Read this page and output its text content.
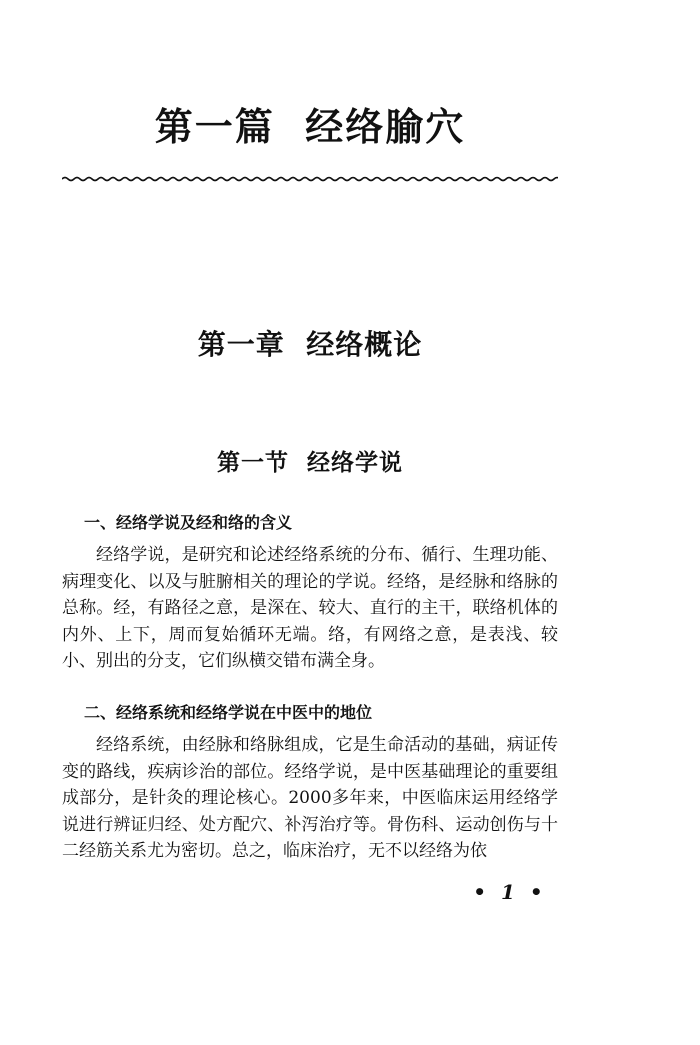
第一篇  经络腧穴
第一章  经络概论
第一节  经络学说
一、经络学说及经和络的含义

经络学说，是研究和论述经络系统的分布、循行、生理功能、病理变化、以及与脏腑相关的理论的学说。经络，是经脉和络脉的总称。经，有路径之意，是深在、较大、直行的主干，联络机体的内外、上下，周而复始循环无端。络，有网络之意，是表浅、较小、别出的分支，它们纵横交错布满全身。

二、经络系统和经络学说在中医中的地位

经络系统，由经脉和络脉组成，它是生命活动的基础，病证传变的路线，疾病诊治的部位。经络学说，是中医基础理论的重要组成部分，是针灸的理论核心。2000多年来，中医临床运用经络学说进行辨证归经、处方配穴、补泻治疗等。骨伤科、运动创伤与十二经筋关系尤为密切。总之，临床治疗，无不以经络为依

• 1 •
